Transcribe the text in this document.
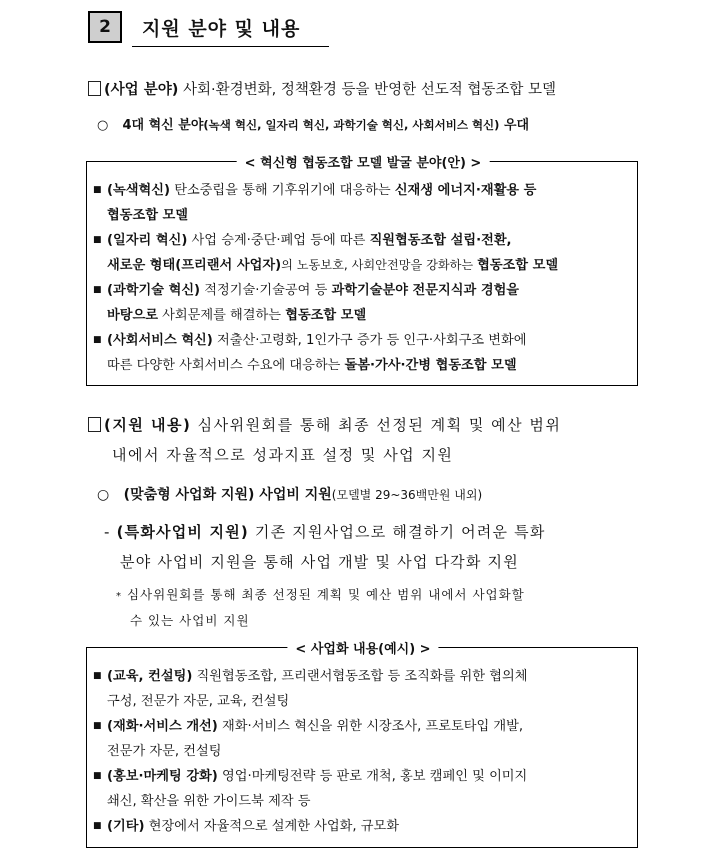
2	지원 분야 및 내용
(사업 분야) 사회·환경변화, 정책환경 등을 반영한 선도적 협동조합 모델
○ 4대 혁신 분야(녹색 혁신, 일자리 혁신, 과학기술 혁신, 사회서비스 혁신) 우대
< 혁신형 협동조합 모델 발굴 분야(안) >
■ (녹색혁신) 탄소중립을 통해 기후위기에 대응하는 신재생 에너지·재활용 등
협동조합 모델
■ (일자리 혁신) 사업 승계·중단·폐업 등에 따른 직원협동조합 설립·전환,
새로운 형태(프리랜서 사업자)의 노동보호, 사회안전망을 강화하는 협동조합 모델
■ (과학기술 혁신) 적정기술·기술공여 등 과학기술분야 전문지식과 경험을
바탕으로 사회문제를 해결하는 협동조합 모델
■ (사회서비스 혁신) 저출산·고령화, 1인가구 증가 등 인구·사회구조 변화에
따른 다양한 사회서비스 수요에 대응하는 돌봄·가사·간병 협동조합 모델
(지원 내용) 심사위원회를 통해 최종 선정된 계획 및 예산 범위
내에서 자율적으로 성과지표 설정 및 사업 지원
○ (맞춤형 사업화 지원) 사업비 지원(모델별 29~36백만원 내외)
- (특화사업비 지원) 기존 지원사업으로 해결하기 어려운 특화
분야 사업비 지원을 통해 사업 개발 및 사업 다각화 지원
* 심사위원회를 통해 최종 선정된 계획 및 예산 범위 내에서 사업화할
수 있는 사업비 지원
< 사업화 내용(예시) >
■ (교육, 컨설팅) 직원협동조합, 프리랜서협동조합 등 조직화를 위한 협의체
구성, 전문가 자문, 교육, 컨설팅
■ (재화·서비스 개선) 재화·서비스 혁신을 위한 시장조사, 프로토타입 개발,
전문가 자문, 컨설팅
■ (홍보·마케팅 강화) 영업·마케팅전략 등 판로 개척, 홍보 캠페인 및 이미지
쇄신, 확산을 위한 가이드북 제작 등
■ (기타) 현장에서 자율적으로 설계한 사업화, 규모화
